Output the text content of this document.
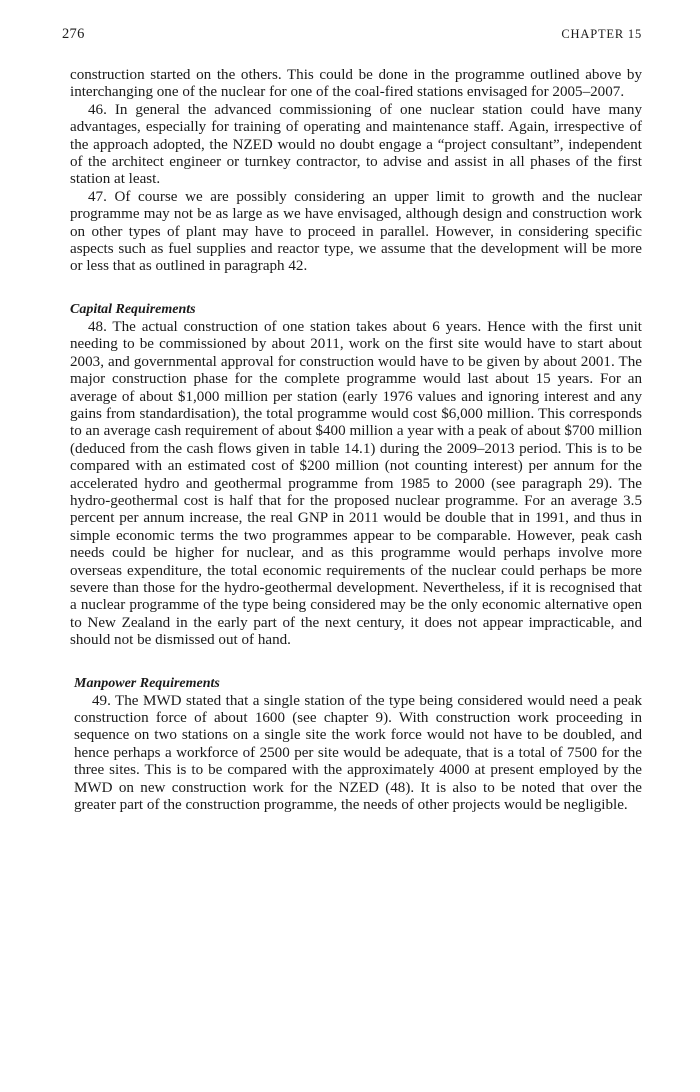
276	CHAPTER 15

construction started on the others. This could be done in the programme outlined above by interchanging one of the nuclear for one of the coal-fired stations envisaged for 2005–2007.

46. In general the advanced commissioning of one nuclear station could have many advantages, especially for training of operating and maintenance staff. Again, irrespective of the approach adopted, the NZED would no doubt engage a “project consultant”, independent of the architect engineer or turnkey contractor, to advise and assist in all phases of the first station at least.

47. Of course we are possibly considering an upper limit to growth and the nuclear programme may not be as large as we have envisaged, although design and construction work on other types of plant may have to proceed in parallel. However, in considering specific aspects such as fuel supplies and reactor type, we assume that the development will be more or less that as outlined in paragraph 42.

Capital Requirements

48. The actual construction of one station takes about 6 years. Hence with the first unit needing to be commissioned by about 2011, work on the first site would have to start about 2003, and governmental approval for construction would have to be given by about 2001. The major construction phase for the complete programme would last about 15 years. For an average of about $1,000 million per station (early 1976 values and ignoring interest and any gains from standardisation), the total programme would cost $6,000 million. This corresponds to an average cash requirement of about $400 million a year with a peak of about $700 million (deduced from the cash flows given in table 14.1) during the 2009–2013 period. This is to be compared with an estimated cost of $200 million (not counting interest) per annum for the accelerated hydro and geothermal programme from 1985 to 2000 (see paragraph 29). The hydro-geothermal cost is half that for the proposed nuclear programme. For an average 3.5 percent per annum increase, the real GNP in 2011 would be double that in 1991, and thus in simple economic terms the two programmes appear to be comparable. However, peak cash needs could be higher for nuclear, and as this programme would perhaps involve more overseas expenditure, the total economic requirements of the nuclear could perhaps be more severe than those for the hydro-geothermal development. Nevertheless, if it is recognised that a nuclear programme of the type being considered may be the only economic alternative open to New Zealand in the early part of the next century, it does not appear impracticable, and should not be dismissed out of hand.

Manpower Requirements

49. The MWD stated that a single station of the type being considered would need a peak construction force of about 1600 (see chapter 9). With construction work proceeding in sequence on two stations on a single site the work force would not have to be doubled, and hence perhaps a workforce of 2500 per site would be adequate, that is a total of 7500 for the three sites. This is to be compared with the approximately 4000 at present employed by the MWD on new construction work for the NZED (48). It is also to be noted that over the greater part of the construction programme, the needs of other projects would be negligible.
